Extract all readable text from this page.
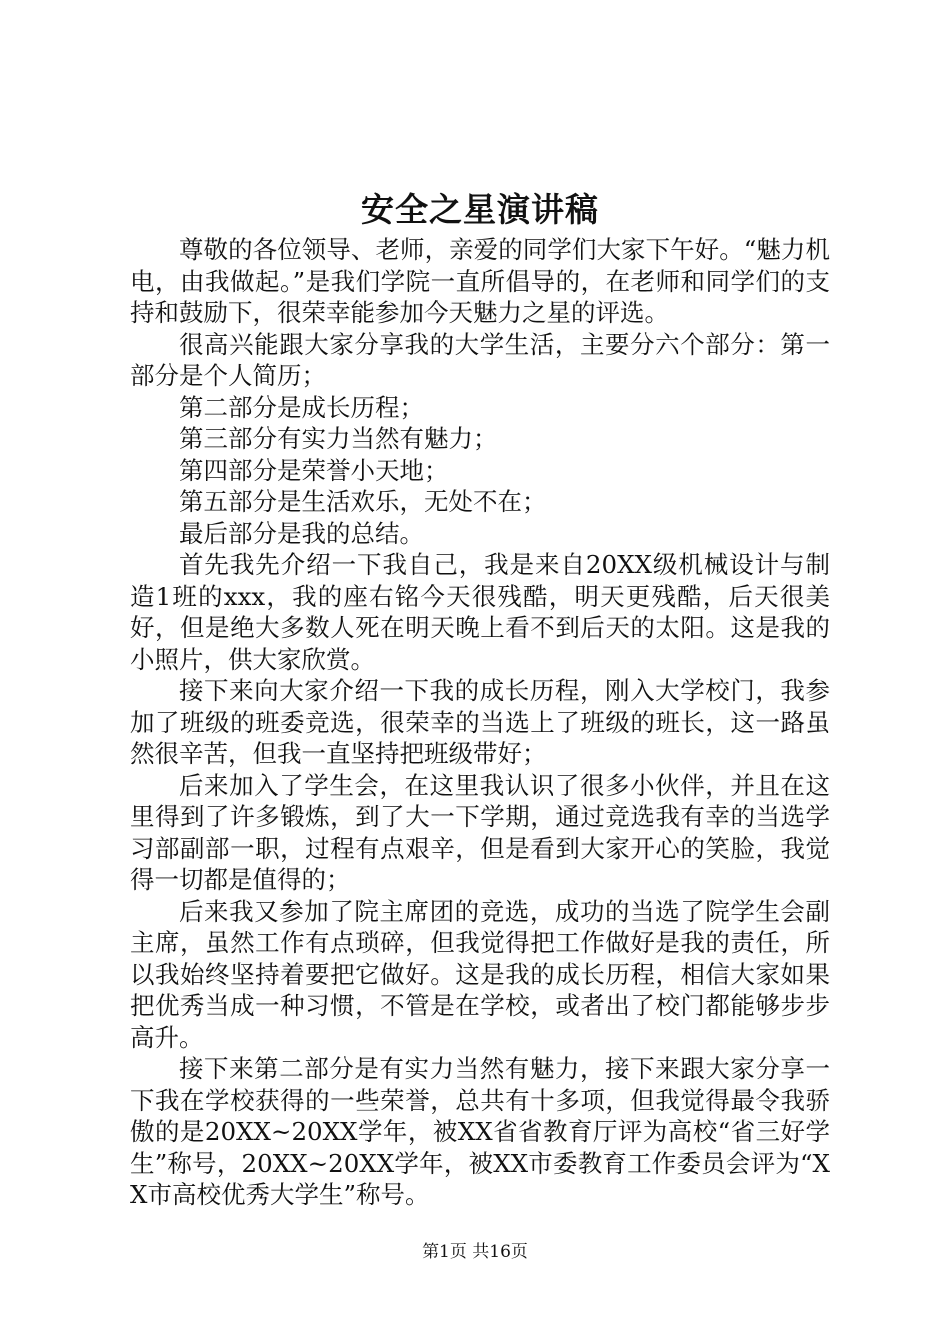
安全之星演讲稿

尊敬的各位领导、老师，亲爱的同学们大家下午好。“魅力机电，由我做起。”是我们学院一直所倡导的，在老师和同学们的支持和鼓励下，很荣幸能参加今天魅力之星的评选。

很高兴能跟大家分享我的大学生活，主要分六个部分：第一部分是个人简历；

第二部分是成长历程；

第三部分有实力当然有魅力；

第四部分是荣誉小天地；

第五部分是生活欢乐，无处不在；

最后部分是我的总结。

首先我先介绍一下我自己，我是来自20XX级机械设计与制造1班的xxx，我的座右铭今天很残酷，明天更残酷，后天很美好，但是绝大多数人死在明天晚上看不到后天的太阳。这是我的小照片，供大家欣赏。

接下来向大家介绍一下我的成长历程，刚入大学校门，我参加了班级的班委竞选，很荣幸的当选上了班级的班长，这一路虽然很辛苦，但我一直坚持把班级带好；

后来加入了学生会，在这里我认识了很多小伙伴，并且在这里得到了许多锻炼，到了大一下学期，通过竞选我有幸的当选学习部副部一职，过程有点艰辛，但是看到大家开心的笑脸，我觉得一切都是值得的；

后来我又参加了院主席团的竞选，成功的当选了院学生会副主席，虽然工作有点琐碎，但我觉得把工作做好是我的责任，所以我始终坚持着要把它做好。这是我的成长历程，相信大家如果把优秀当成一种习惯，不管是在学校，或者出了校门都能够步步高升。

接下来第二部分是有实力当然有魅力，接下来跟大家分享一下我在学校获得的一些荣誉，总共有十多项，但我觉得最令我骄傲的是20XX~20XX学年，被XX省省教育厅评为高校“省三好学生”称号，20XX~20XX学年，被XX市委教育工作委员会评为“XX市高校优秀大学生”称号。

第1页 共16页
